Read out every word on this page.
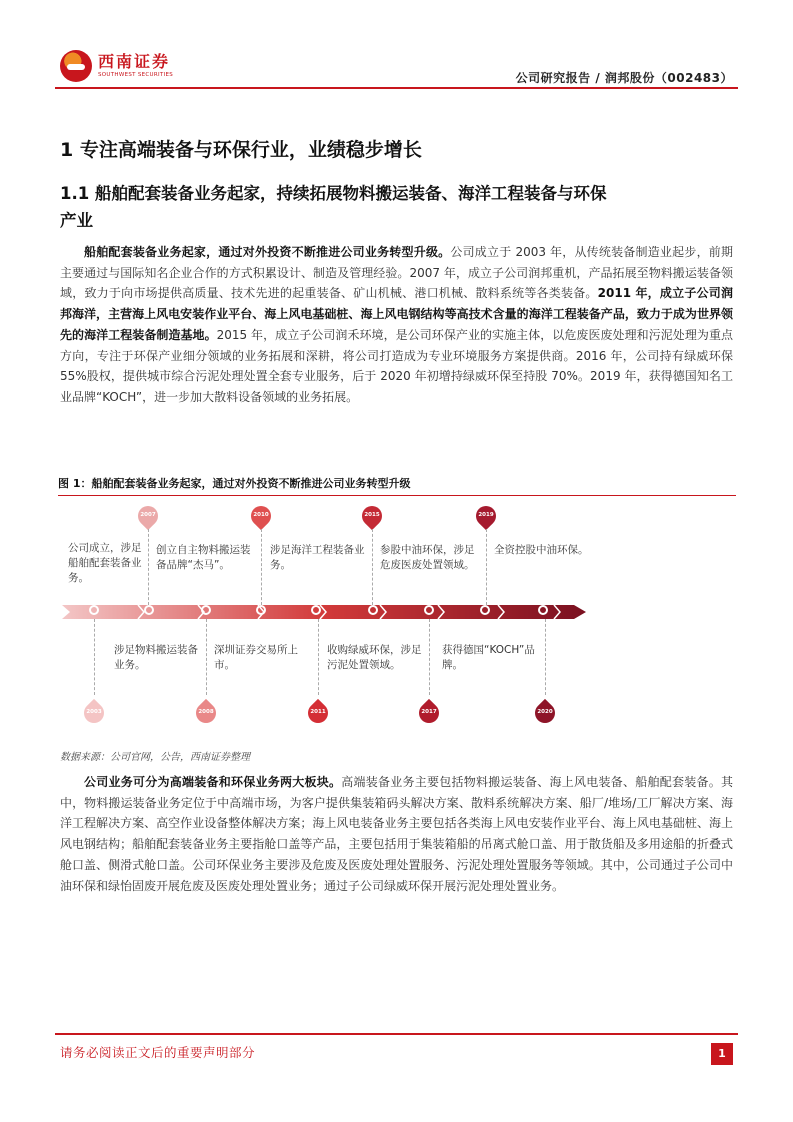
西南证券
SOUTHWEST SECURITIES	公司研究报告 / 润邦股份（002483）
1 专注高端装备与环保行业，业绩稳步增长
1.1 船舶配套装备业务起家，持续拓展物料搬运装备、海洋工程装备与环保产业
船舶配套装备业务起家，通过对外投资不断推进公司业务转型升级。公司成立于 2003 年，从传统装备制造业起步，前期主要通过与国际知名企业合作的方式积累设计、制造及管理经验。2007 年，成立子公司润邦重机，产品拓展至物料搬运装备领域，致力于向市场提供高质量、技术先进的起重装备、矿山机械、港口机械、散料系统等各类装备。2011 年，成立子公司润邦海洋，主营海上风电安装作业平台、海上风电基础桩、海上风电钢结构等高技术含量的海洋工程装备产品，致力于成为世界领先的海洋工程装备制造基地。2015 年，成立子公司润禾环境，是公司环保产业的实施主体，以危废医废处理和污泥处理为重点方向，专注于环保产业细分领域的业务拓展和深耕，将公司打造成为专业环境服务方案提供商。2016 年，公司持有绿威环保 55%股权，提供城市综合污泥处理处置全套专业服务，后于 2020 年初增持绿威环保至持股 70%。2019 年，获得德国知名工业品牌“KOCH”，进一步加大散料设备领域的业务拓展。
图 1：船舶配套装备业务起家，通过对外投资不断推进公司业务转型升级
2007	2010	2015	2019
公司成立，涉足船舶配套装备业务。
创立自主物料搬运装备品牌“杰马”。
涉足海洋工程装备业务。
参股中油环保，涉足危废医废处置领域。
全资控股中油环保。
涉足物料搬运装备业务。
深圳证券交易所上市。
收购绿威环保，涉足污泥处置领域。
获得德国“KOCH”品牌。
2003	2008	2011	2017	2020
数据来源：公司官网，公告，西南证券整理
公司业务可分为高端装备和环保业务两大板块。高端装备业务主要包括物料搬运装备、海上风电装备、船舶配套装备。其中，物料搬运装备业务定位于中高端市场，为客户提供集装箱码头解决方案、散料系统解决方案、船厂/堆场/工厂解决方案、海洋工程解决方案、高空作业设备整体解决方案；海上风电装备业务主要包括各类海上风电安装作业平台、海上风电基础桩、海上风电钢结构；船舶配套装备业务主要指舱口盖等产品，主要包括用于集装箱船的吊离式舱口盖、用于散货船及多用途船的折叠式舱口盖、侧滑式舱口盖。公司环保业务主要涉及危废及医废处理处置服务、污泥处理处置服务等领域。其中，公司通过子公司中油环保和绿怡固废开展危废及医废处理处置业务；通过子公司绿威环保开展污泥处理处置业务。
请务必阅读正文后的重要声明部分	1
